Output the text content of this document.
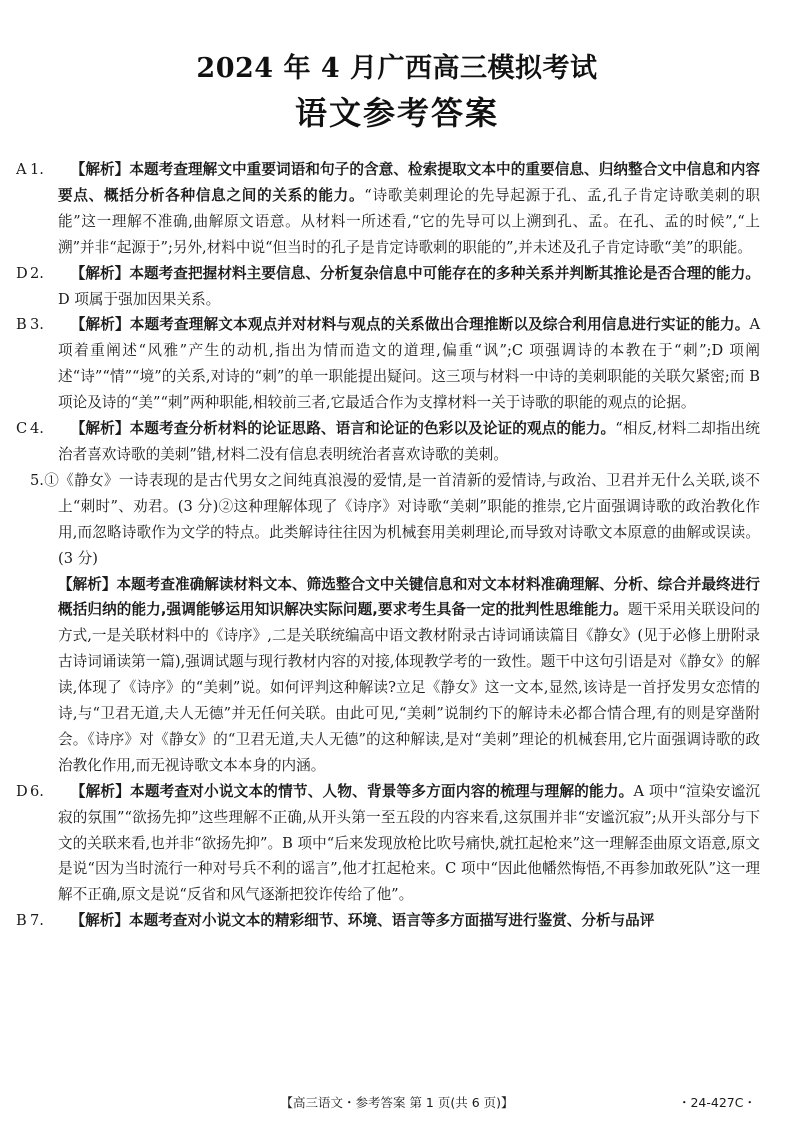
2024 年 4 月广西高三模拟考试
语文参考答案

1.A	【解析】本题考查理解文中重要词语和句子的含意、检索提取文本中的重要信息、归纳整合文中信息和内容要点、概括分析各种信息之间的关系的能力。“诗歌美刺理论的先导起源于孔、孟,孔子肯定诗歌美刺的职能”这一理解不准确,曲解原文语意。从材料一所述看,“它的先导可以上溯到孔、孟。在孔、孟的时候”,“上溯”并非“起源于”;另外,材料中说“但当时的孔子是肯定诗歌刺的职能的”,并未述及孔子肯定诗歌“美”的职能。

2.D	【解析】本题考查把握材料主要信息、分析复杂信息中可能存在的多种关系并判断其推论是否合理的能力。D 项属于强加因果关系。

3.B	【解析】本题考查理解文本观点并对材料与观点的关系做出合理推断以及综合利用信息进行实证的能力。A 项着重阐述“风雅”产生的动机,指出为情而造文的道理,偏重“讽”;C 项强调诗的本教在于“刺”;D 项阐述“诗”“情”“境”的关系,对诗的“刺”的单一职能提出疑问。这三项与材料一中诗的美刺职能的关联欠紧密;而 B 项论及诗的“美”“刺”两种职能,相较前三者,它最适合作为支撑材料一关于诗歌的职能的观点的论据。

4.C	【解析】本题考查分析材料的论证思路、语言和论证的色彩以及论证的观点的能力。“相反,材料二却指出统治者喜欢诗歌的美刺”错,材料二没有信息表明统治者喜欢诗歌的美刺。

5.①《静女》一诗表现的是古代男女之间纯真浪漫的爱情,是一首清新的爱情诗,与政治、卫君并无什么关联,谈不上“刺时”、劝君。(3 分)②这种理解体现了《诗序》对诗歌“美刺”职能的推崇,它片面强调诗歌的政治教化作用,而忽略诗歌作为文学的特点。此类解诗往往因为机械套用美刺理论,而导致对诗歌文本原意的曲解或误读。(3 分)

【解析】本题考查准确解读材料文本、筛选整合文中关键信息和对文本材料准确理解、分析、综合并最终进行概括归纳的能力,强调能够运用知识解决实际问题,要求考生具备一定的批判性思维能力。题干采用关联设问的方式,一是关联材料中的《诗序》,二是关联统编高中语文教材附录古诗词诵读篇目《静女》(见于必修上册附录古诗词诵读第一篇),强调试题与现行教材内容的对接,体现教学考的一致性。题干中这句引语是对《静女》的解读,体现了《诗序》的“美刺”说。如何评判这种解读?立足《静女》这一文本,显然,该诗是一首抒发男女恋情的诗,与“卫君无道,夫人无德”并无任何关联。由此可见,“美刺”说制约下的解诗未必都合情合理,有的则是穿凿附会。《诗序》对《静女》的“卫君无道,夫人无德”的这种解读,是对“美刺”理论的机械套用,它片面强调诗歌的政治教化作用,而无视诗歌文本本身的内涵。

6.D	【解析】本题考查对小说文本的情节、人物、背景等多方面内容的梳理与理解的能力。A 项中“渲染安谧沉寂的氛围”“欲扬先抑”这些理解不正确,从开头第一至五段的内容来看,这氛围并非“安谧沉寂”;从开头部分与下文的关联来看,也并非“欲扬先抑”。B 项中“后来发现放枪比吹号痛快,就扛起枪来”这一理解歪曲原文语意,原文是说“因为当时流行一种对号兵不利的谣言”,他才扛起枪来。C 项中“因此他幡然悔悟,不再参加敢死队”这一理解不正确,原文是说“反省和风气逐渐把狡诈传给了他”。

7.B	【解析】本题考查对小说文本的精彩细节、环境、语言等多方面描写进行鉴赏、分析与品评

【高三语文・参考答案 第 1 页(共 6 页)】	・24-427C・
